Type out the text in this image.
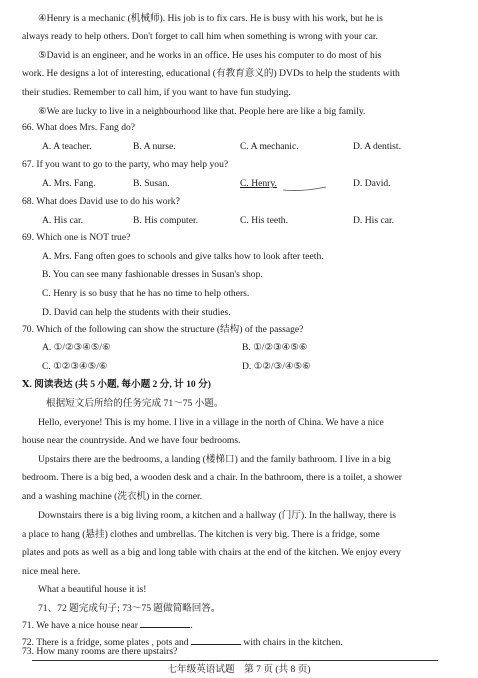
④Henry is a mechanic (机械师). His job is to fix cars. He is busy with his work, but he is
always ready to help others. Don't forget to call him when something is wrong with your car.
⑤David is an engineer, and he works in an office. He uses his computer to do most of his
work. He designs a lot of interesting, educational (有教育意义的) DVDs to help the students with
their studies. Remember to call him, if you want to have fun studying.
⑥We are lucky to live in a neighbourhood like that. People here are like a big family.
66. What does Mrs. Fang do?
A. A teacher.	B. A nurse.	C. A mechanic.	D. A dentist.
67. If you want to go to the party, who may help you?
A. Mrs. Fang.	B. Susan.	C. Henry.	D. David.
68. What does David use to do his work?
A. His car.	B. His computer.	C. His teeth.	D. His car.
69. Which one is NOT true?
A. Mrs. Fang often goes to schools and give talks how to look after teeth.
B. You can see many fashionable dresses in Susan's shop.
C. Henry is so busy that he has no time to help others.
D. David can help the students with their studies.
70. Which of the following can show the structure (结构) of the passage?
A. ①/②③④⑤/⑥	B. ①/②③④⑤⑥
C. ①②③④⑤/⑥	D. ①②/③/④⑤⑥
Ⅹ. 阅读表达 (共 5 小题, 每小题 2 分, 计 10 分)
根据短文后所给的任务完成 71～75 小题。
Hello, everyone! This is my home. I live in a village in the north of China. We have a nice
house near the countryside. And we have four bedrooms.
Upstairs there are the bedrooms, a landing (楼梯口) and the family bathroom. I live in a big
bedroom. There is a big bed, a wooden desk and a chair. In the bathroom, there is a toilet, a shower
and a washing machine (洗衣机) in the corner.
Downstairs there is a big living room, a kitchen and a hallway (门厅). In the hallway, there is
a place to hang (悬挂) clothes and umbrellas. The kitchen is very big. There is a fridge, some
plates and pots as well as a big and long table with chairs at the end of the kitchen. We enjoy every
nice meal here.
What a beautiful house it is!
七年级英语试题　第 7 页 (共 8 页)
71、72 题完成句子; 73～75 题做简略回答。
71. We have a nice house near	.
72. There is a fridge, some plates , pots and	with chairs in the kitchen.
73. How many rooms are there upstairs?
